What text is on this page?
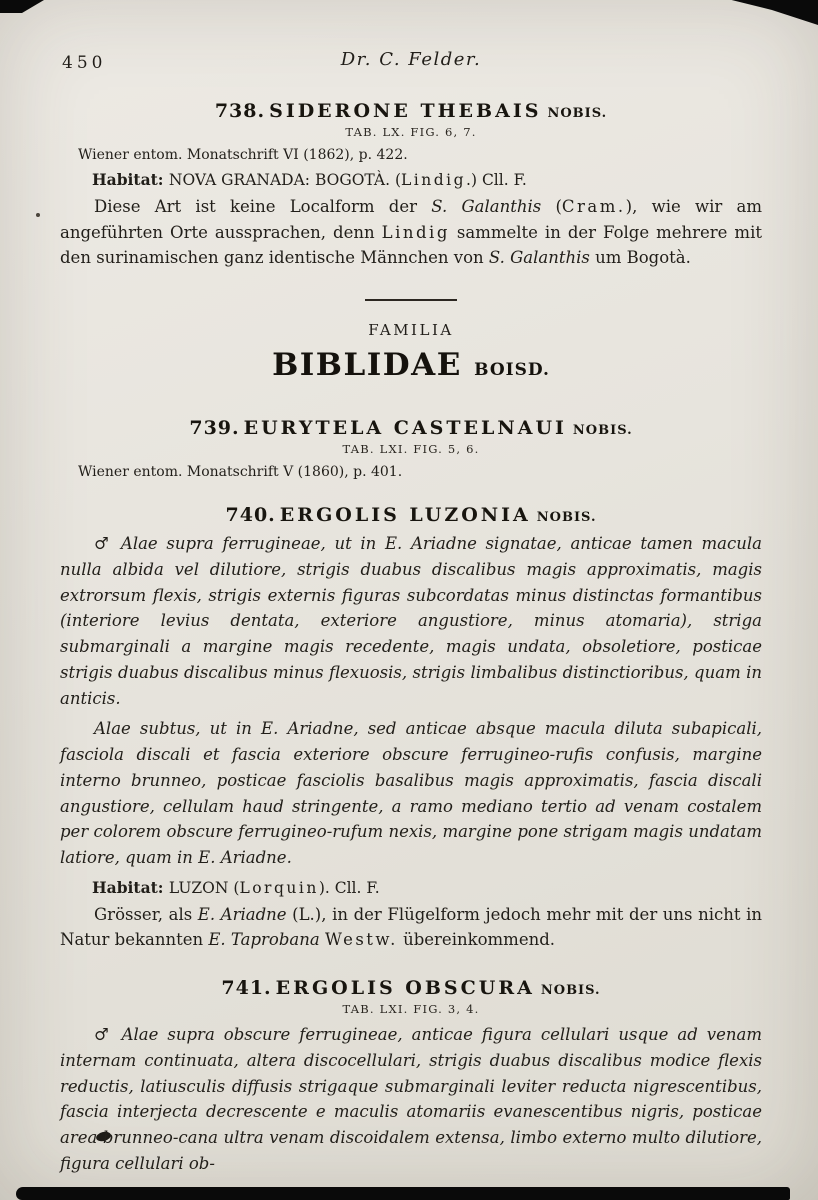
450	Dr. C. Felder.
738. SIDERONE THEBAIS NOBIS.
TAB. LX. FIG. 6, 7.
Wiener entom. Monatschrift VI (1862), p. 422.
Habitat: NOVA GRANADA: BOGOTÀ. (Lindig.) Cll. F.

Diese Art ist keine Localform der S. Galanthis (Cram.), wie wir am angeführten Orte aussprachen, denn Lindig sammelte in der Folge mehrere mit den surinamischen ganz identische Männchen von S. Galanthis um Bogotà.

FAMILIA
BIBLIDAE BOISD.
739. EURYTELA CASTELNAUI NOBIS.
TAB. LXI. FIG. 5, 6.
Wiener entom. Monatschrift V (1860), p. 401.
740. ERGOLIS LUZONIA NOBIS.

♂ Alae supra ferrugineae, ut in E. Ariadne signatae, anticae tamen macula nulla albida vel dilutiore, strigis duabus discalibus magis approximatis, magis extrorsum flexis, strigis externis figuras subcordatas minus distinctas formantibus (interiore levius dentata, exteriore angustiore, minus atomaria), striga submarginali a margine magis recedente, magis undata, obsoletiore, posticae strigis duabus discalibus minus flexuosis, strigis limbalibus distinctioribus, quam in anticis.

Alae subtus, ut in E. Ariadne, sed anticae absque macula diluta subapicali, fasciola discali et fascia exteriore obscure ferrugineo-rufis confusis, margine interno brunneo, posticae fasciolis basalibus magis approximatis, fascia discali angustiore, cellulam haud stringente, a ramo mediano tertio ad venam costalem per colorem obscure ferrugineo-rufum nexis, margine pone strigam magis undatam latiore, quam in E. Ariadne.

Habitat: LUZON (Lorquin). Cll. F.

Grösser, als E. Ariadne (L.), in der Flügelform jedoch mehr mit der uns nicht in Natur bekannten E. Taprobana Westw. übereinkommend.

741. ERGOLIS OBSCURA NOBIS.
TAB. LXI. FIG. 3, 4.

♂ Alae supra obscure ferrugineae, anticae figura cellulari usque ad venam internam continuata, altera discocellulari, strigis duabus discalibus modice flexis reductis, latiusculis diffusis strigaque submarginali leviter reducta nigrescentibus, fascia interjecta decrescente e maculis atomariis evanescentibus nigris, posticae area brunneo-cana ultra venam discoidalem extensa, limbo externo multo dilutiore, figura cellulari ob-
